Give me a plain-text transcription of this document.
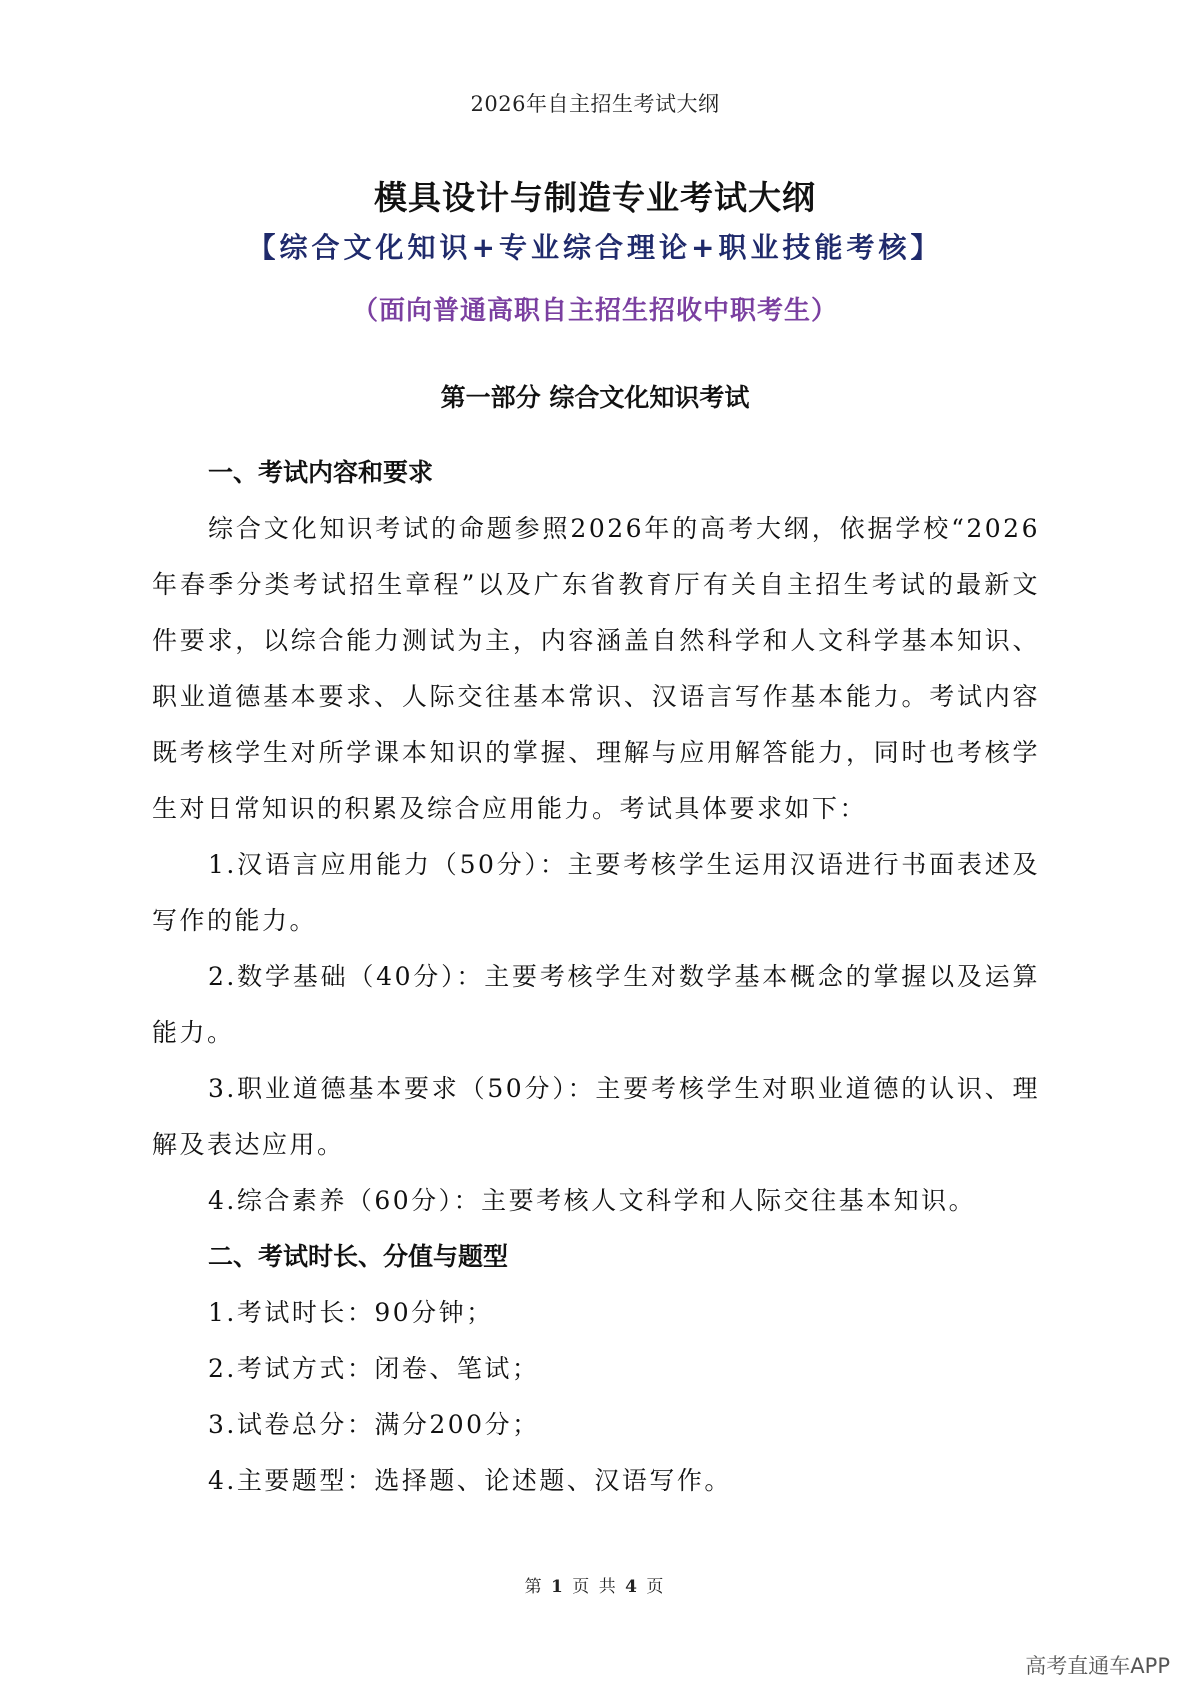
2026年自主招生考试大纲
模具设计与制造专业考试大纲
【综合文化知识+专业综合理论+职业技能考核】
（面向普通高职自主招生招收中职考生）
第一部分 综合文化知识考试
一、考试内容和要求

综合文化知识考试的命题参照2026年的高考大纲，依据学校“2026年春季分类考试招生章程”以及广东省教育厅有关自主招生考试的最新文件要求，以综合能力测试为主，内容涵盖自然科学和人文科学基本知识、职业道德基本要求、人际交往基本常识、汉语言写作基本能力。考试内容既考核学生对所学课本知识的掌握、理解与应用解答能力，同时也考核学生对日常知识的积累及综合应用能力。考试具体要求如下：

1.汉语言应用能力（50分）：主要考核学生运用汉语进行书面表述及写作的能力。

2.数学基础（40分）：主要考核学生对数学基本概念的掌握以及运算能力。

3.职业道德基本要求（50分）：主要考核学生对职业道德的认识、理解及表达应用。

4.综合素养（60分）：主要考核人文科学和人际交往基本知识。

二、考试时长、分值与题型

1.考试时长：90分钟；

2.考试方式：闭卷、笔试；

3.试卷总分：满分200分；

4.主要题型：选择题、论述题、汉语写作。

第 1 页 共 4 页
高考直通车APP
